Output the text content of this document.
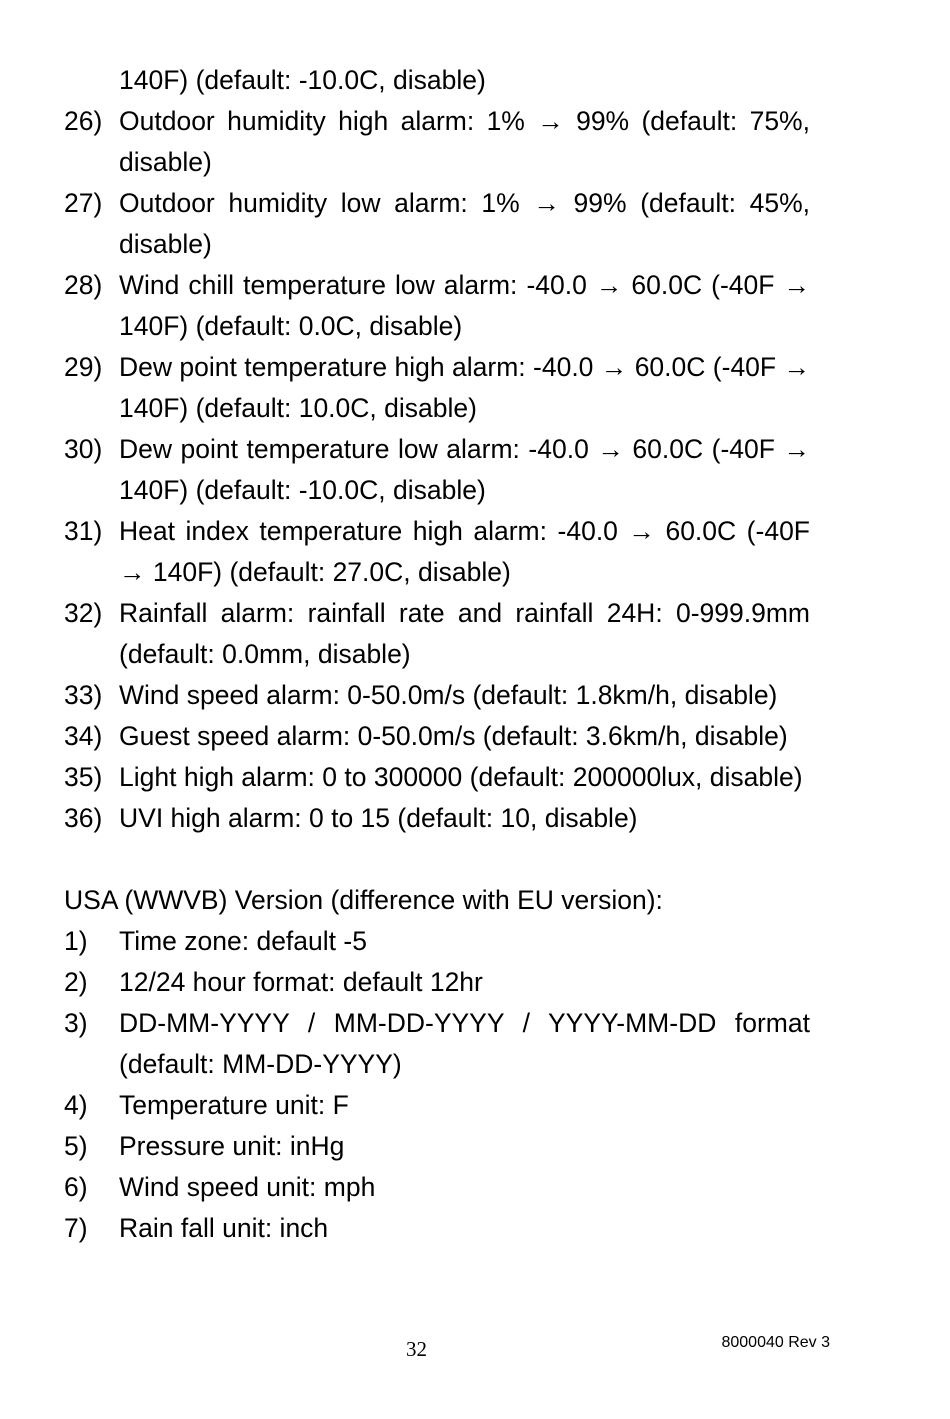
140F) (default: -10.0C, disable)
26) Outdoor humidity high alarm: 1% → 99% (default: 75%, disable)
27) Outdoor humidity low alarm: 1% → 99% (default: 45%, disable)
28) Wind chill temperature low alarm: -40.0 → 60.0C (-40F → 140F) (default: 0.0C, disable)
29) Dew point temperature high alarm: -40.0 → 60.0C (-40F → 140F) (default: 10.0C, disable)
30) Dew point temperature low alarm: -40.0 → 60.0C (-40F → 140F) (default: -10.0C, disable)
31) Heat index temperature high alarm: -40.0 → 60.0C (-40F → 140F) (default: 27.0C, disable)
32) Rainfall alarm: rainfall rate and rainfall 24H: 0-999.9mm (default: 0.0mm, disable)
33) Wind speed alarm: 0-50.0m/s (default: 1.8km/h, disable)
34) Guest speed alarm: 0-50.0m/s (default: 3.6km/h, disable)
35) Light high alarm: 0 to 300000 (default: 200000lux, disable)
36) UVI high alarm: 0 to 15 (default: 10, disable)
USA (WWVB) Version (difference with EU version):
1)	Time zone: default -5
2)	12/24 hour format: default 12hr
3)	DD-MM-YYYY / MM-DD-YYYY / YYYY-MM-DD format (default: MM-DD-YYYY)
4)	Temperature unit: F
5)	Pressure unit: inHg
6)	Wind speed unit: mph
7)	Rain fall unit: inch
32	8000040 Rev 3
